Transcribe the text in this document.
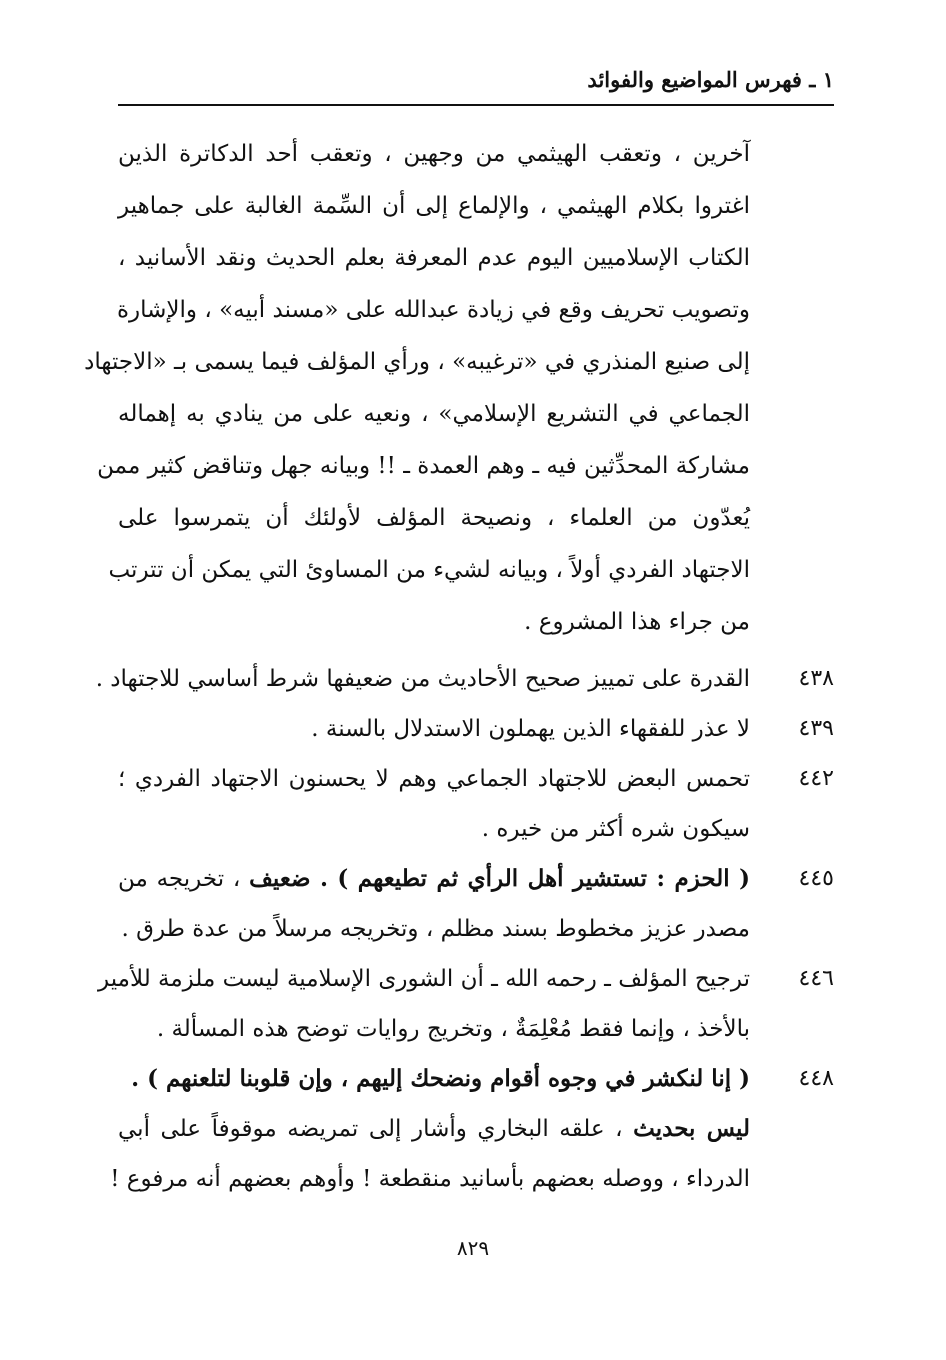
١ ـ فهرس المواضيع والفوائد
آخرين ، وتعقب الهيثمي من وجهين ، وتعقب أحد الدكاترة الذين
اغتروا بكلام الهيثمي ، والإلماع إلى أن السِّمة الغالبة على جماهير
الكتاب الإسلاميين اليوم عدم المعرفة بعلم الحديث ونقد الأسانيد ،
وتصويب تحريف وقع في زيادة عبدالله على «مسند أبيه» ، والإشارة
إلى صنيع المنذري في «ترغيبه» ، ورأي المؤلف فيما يسمى بـ «الاجتهاد
الجماعي في التشريع الإسلامي» ، ونعيه على من ينادي به إهماله
مشاركة المحدِّثين فيه ـ وهم العمدة ـ !! وبيانه جهل وتناقض كثير ممن
يُعدّون من العلماء ، ونصيحة المؤلف لأولئك أن يتمرسوا على
الاجتهاد الفردي أولاً ، وبيانه لشيء من المساوئ التي يمكن أن تترتب
من جراء هذا المشروع .
٤٣٨
القدرة على تمييز صحيح الأحاديث من ضعيفها شرط أساسي للاجتهاد .
٤٣٩
لا عذر للفقهاء الذين يهملون الاستدلال بالسنة .
٤٤٢
تحمس البعض للاجتهاد الجماعي وهم لا يحسنون الاجتهاد الفردي ؛
سيكون شره أكثر من خيره .
٤٤٥
( الحزم : تستشير أهل الرأي ثم تطيعهم ) . ضعيف ، تخريجه من
مصدر عزيز مخطوط بسند مظلم ، وتخريجه مرسلاً من عدة طرق .
٤٤٦
ترجيح المؤلف ـ رحمه الله ـ أن الشورى الإسلامية ليست ملزمة للأمير
بالأخذ ، وإنما فقط مُعْلِمَةٌ ، وتخريج روايات توضح هذه المسألة .
٤٤٨
( إنا لنكشر في وجوه أقوام ونضحك إليهم ، وإن قلوبنا لتلعنهم ) .
ليس بحديث ، علقه البخاري وأشار إلى تمريضه موقوفاً على أبي
الدرداء ، ووصله بعضهم بأسانيد منقطعة ! وأوهم بعضهم أنه مرفوع !
٨٢٩
